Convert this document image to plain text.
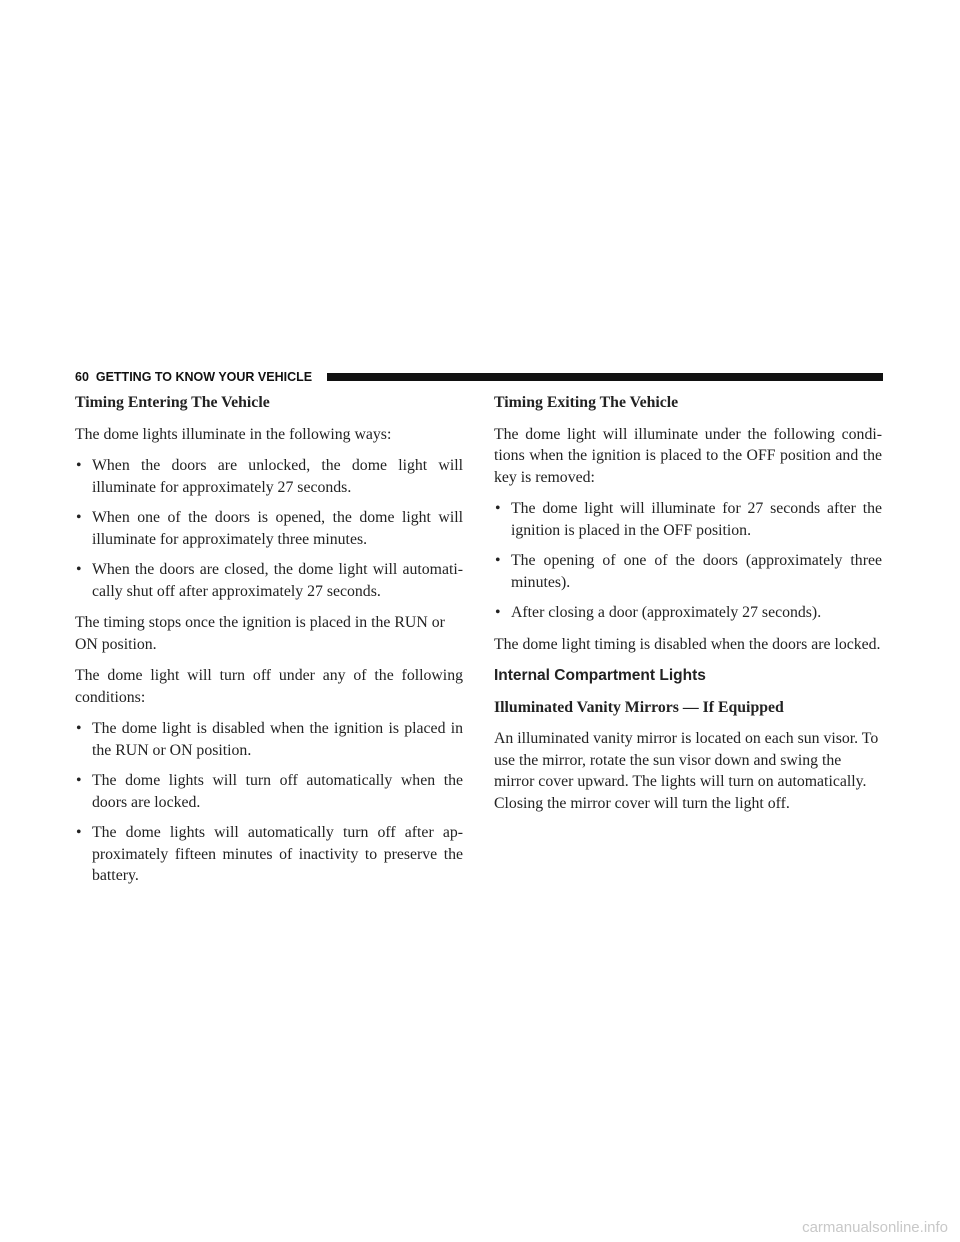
60 GETTING TO KNOW YOUR VEHICLE
Timing Entering The Vehicle

The dome lights illuminate in the following ways:

• When the doors are unlocked, the dome light will illuminate for approximately 27 seconds.
• When one of the doors is opened, the dome light will illuminate for approximately three minutes.
• When the doors are closed, the dome light will automati-cally shut off after approximately 27 seconds.

The timing stops once the ignition is placed in the RUN or ON position.

The dome light will turn off under any of the following conditions:

• The dome light is disabled when the ignition is placed in the RUN or ON position.
• The dome lights will turn off automatically when the doors are locked.
• The dome lights will automatically turn off after ap-proximately fifteen minutes of inactivity to preserve the battery.
Timing Exiting The Vehicle

The dome light will illuminate under the following condi-tions when the ignition is placed to the OFF position and the key is removed:

• The dome light will illuminate for 27 seconds after the ignition is placed in the OFF position.
• The opening of one of the doors (approximately three minutes).
• After closing a door (approximately 27 seconds).

The dome light timing is disabled when the doors are locked.

Internal Compartment Lights
Illuminated Vanity Mirrors — If Equipped

An illuminated vanity mirror is located on each sun visor. To use the mirror, rotate the sun visor down and swing the mirror cover upward. The lights will turn on automatically. Closing the mirror cover will turn the light off.

carmanualsonline.info
